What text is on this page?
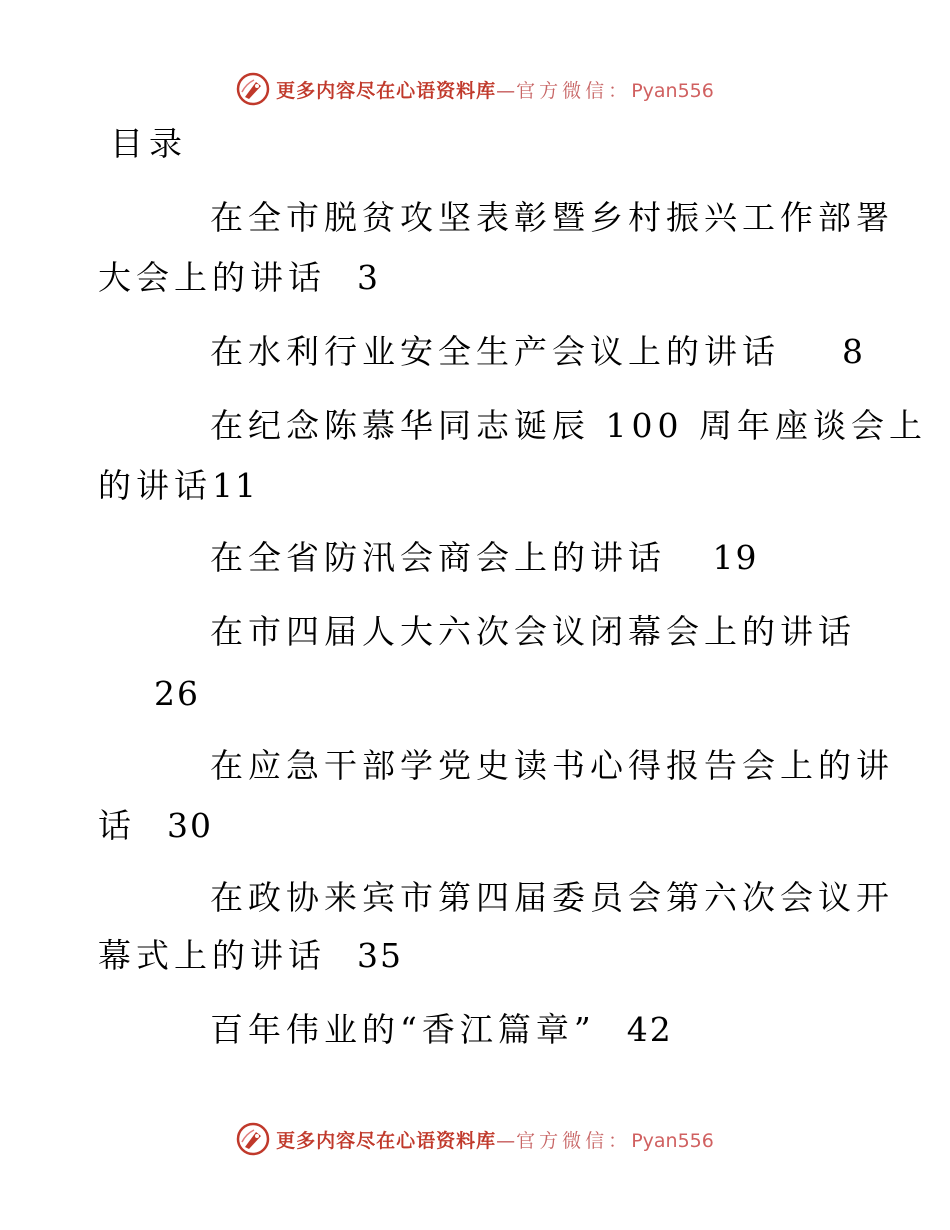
更多内容尽在心语资料库—官方微信：Pyan556
目录
在全市脱贫攻坚表彰暨乡村振兴工作部署
大会上的讲话 3
在水利行业安全生产会议上的讲话 8
在纪念陈慕华同志诞辰 100 周年座谈会上
的讲话11
在全省防汛会商会上的讲话 19
在市四届人大六次会议闭幕会上的讲话
26
在应急干部学党史读书心得报告会上的讲
话 30
在政协来宾市第四届委员会第六次会议开
幕式上的讲话 35
百年伟业的“香江篇章” 42
更多内容尽在心语资料库—官方微信：Pyan556
